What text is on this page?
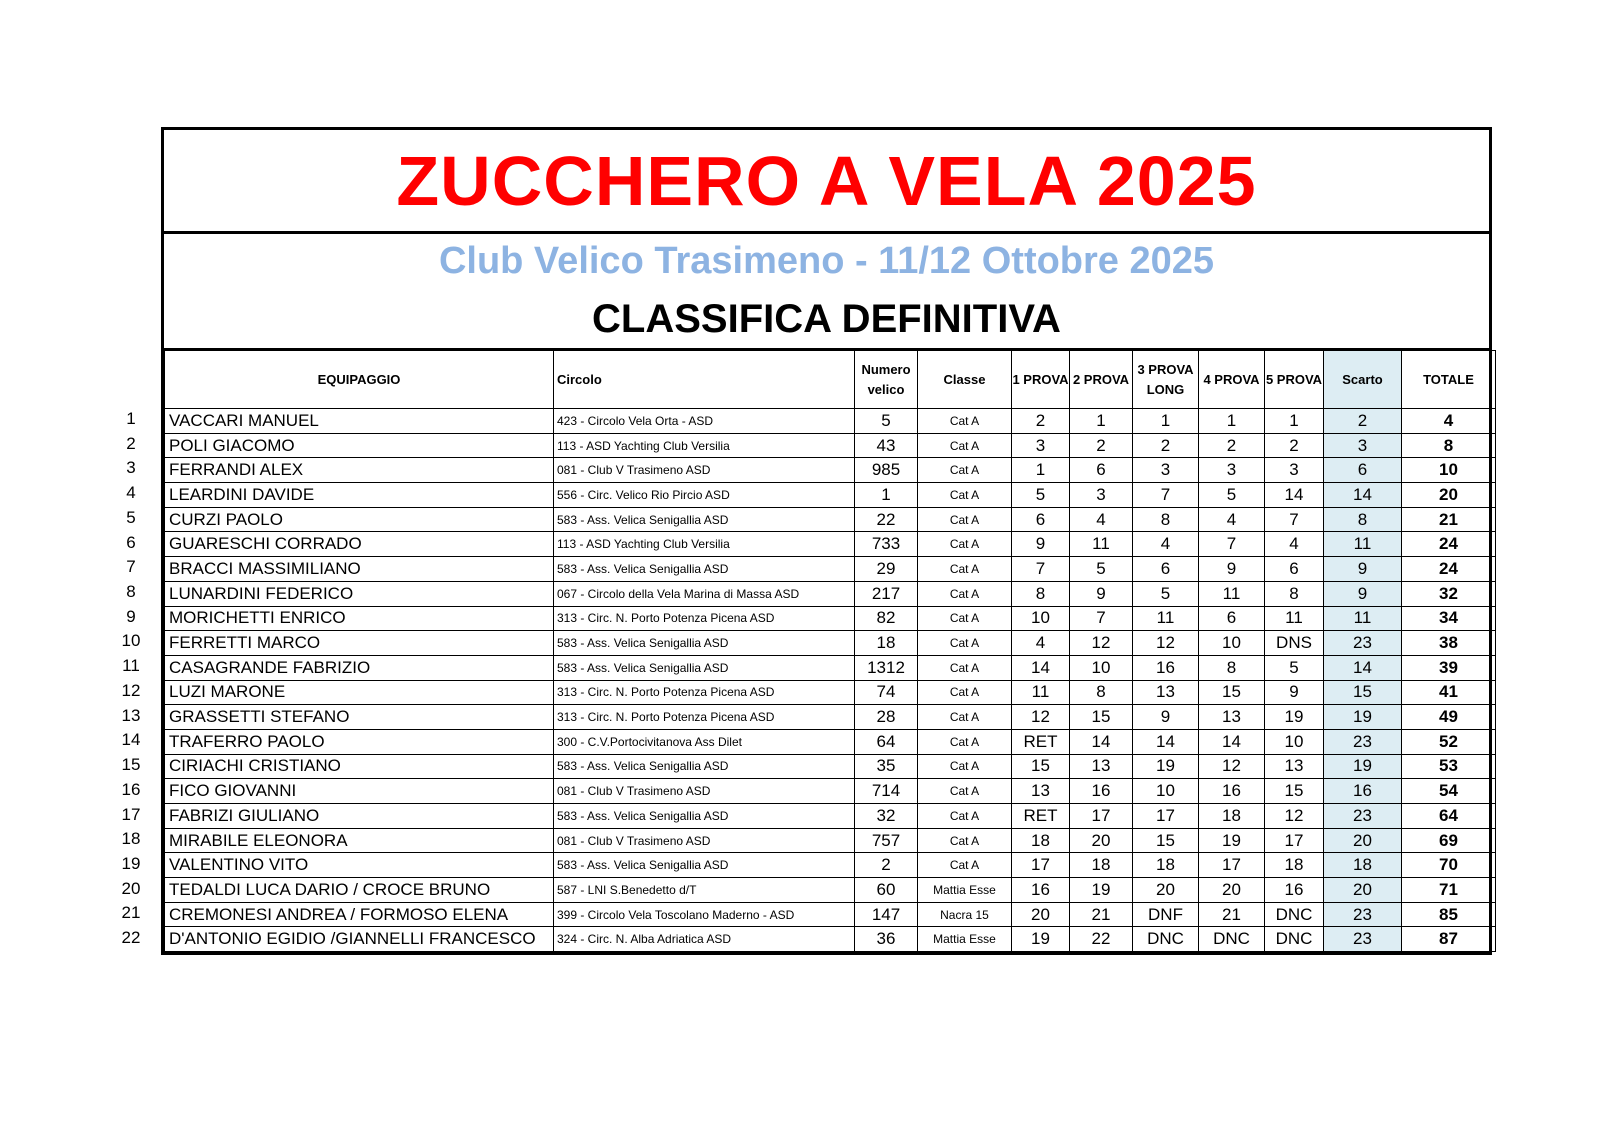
ZUCCHERO A VELA 2025
Club Velico Trasimeno - 11/12 Ottobre 2025
CLASSIFICA DEFINITIVA
EQUIPAGGIO	Circolo	Numero velico	Classe	1 PROVA	2 PROVA	3 PROVA LONG	4 PROVA	5 PROVA	Scarto	TOTALE
VACCARI MANUEL	423 - Circolo Vela Orta - ASD	5	Cat A	2	1	1	1	1	2	4
POLI GIACOMO	113 - ASD Yachting Club Versilia	43	Cat A	3	2	2	2	2	3	8
FERRANDI ALEX	081 - Club V Trasimeno ASD	985	Cat A	1	6	3	3	3	6	10
LEARDINI DAVIDE	556 - Circ. Velico Rio Pircio ASD	1	Cat A	5	3	7	5	14	14	20
CURZI PAOLO	583 - Ass. Velica Senigallia ASD	22	Cat A	6	4	8	4	7	8	21
GUARESCHI CORRADO	113 - ASD Yachting Club Versilia	733	Cat A	9	11	4	7	4	11	24
BRACCI MASSIMILIANO	583 - Ass. Velica Senigallia ASD	29	Cat A	7	5	6	9	6	9	24
LUNARDINI FEDERICO	067 - Circolo della Vela Marina di Massa ASD	217	Cat A	8	9	5	11	8	9	32
MORICHETTI ENRICO	313 - Circ. N. Porto Potenza Picena ASD	82	Cat A	10	7	11	6	11	11	34
FERRETTI MARCO	583 - Ass. Velica Senigallia ASD	18	Cat A	4	12	12	10	DNS	23	38
CASAGRANDE FABRIZIO	583 - Ass. Velica Senigallia ASD	1312	Cat A	14	10	16	8	5	14	39
LUZI MARONE	313 - Circ. N. Porto Potenza Picena ASD	74	Cat A	11	8	13	15	9	15	41
GRASSETTI STEFANO	313 - Circ. N. Porto Potenza Picena ASD	28	Cat A	12	15	9	13	19	19	49
TRAFERRO PAOLO	300 - C.V.Portocivitanova Ass Dilet	64	Cat A	RET	14	14	14	10	23	52
CIRIACHI CRISTIANO	583 - Ass. Velica Senigallia ASD	35	Cat A	15	13	19	12	13	19	53
FICO GIOVANNI	081 - Club V Trasimeno ASD	714	Cat A	13	16	10	16	15	16	54
FABRIZI GIULIANO	583 - Ass. Velica Senigallia ASD	32	Cat A	RET	17	17	18	12	23	64
MIRABILE ELEONORA	081 - Club V Trasimeno ASD	757	Cat A	18	20	15	19	17	20	69
VALENTINO VITO	583 - Ass. Velica Senigallia ASD	2	Cat A	17	18	18	17	18	18	70
TEDALDI LUCA DARIO / CROCE BRUNO	587 - LNI S.Benedetto d/T	60	Mattia Esse	16	19	20	20	16	20	71
CREMONESI ANDREA / FORMOSO ELENA	399 - Circolo Vela Toscolano Maderno - ASD	147	Nacra 15	20	21	DNF	21	DNC	23	85
D'ANTONIO EGIDIO /GIANNELLI FRANCESCO	324 - Circ. N. Alba Adriatica ASD	36	Mattia Esse	19	22	DNC	DNC	DNC	23	87
1
2
3
4
5
6
7
8
9
10
11
12
13
14
15
16
17
18
19
20
21
22
